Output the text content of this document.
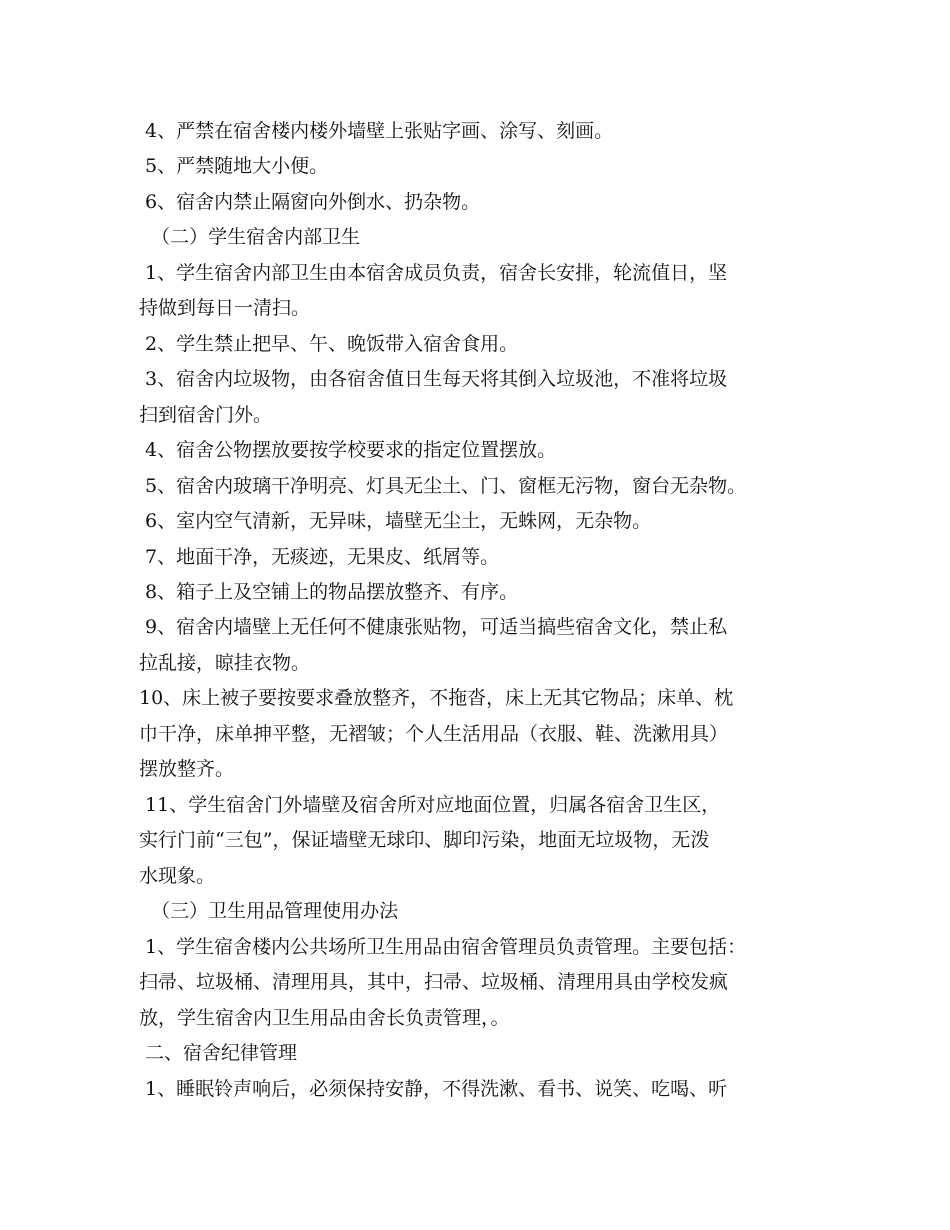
4、严禁在宿舍楼内楼外墙壁上张贴字画、涂写、刻画。
5、严禁随地大小便。
6、宿舍内禁止隔窗向外倒水、扔杂物。
（二）学生宿舍内部卫生
1、学生宿舍内部卫生由本宿舍成员负责，宿舍长安排，轮流值日，坚
持做到每日一清扫。
2、学生禁止把早、午、晚饭带入宿舍食用。
3、宿舍内垃圾物，由各宿舍值日生每天将其倒入垃圾池，不准将垃圾
扫到宿舍门外。
4、宿舍公物摆放要按学校要求的指定位置摆放。
5、宿舍内玻璃干净明亮、灯具无尘土、门、窗框无污物，窗台无杂物。
6、室内空气清新，无异味，墙壁无尘土，无蛛网，无杂物。
7、地面干净，无痰迹，无果皮、纸屑等。
8、箱子上及空铺上的物品摆放整齐、有序。
9、宿舍内墙壁上无任何不健康张贴物，可适当搞些宿舍文化，禁止私
拉乱接，晾挂衣物。
10、床上被子要按要求叠放整齐，不拖沓，床上无其它物品；床单、枕
巾干净，床单抻平整，无褶皱；个人生活用品（衣服、鞋、洗漱用具）
摆放整齐。
11、学生宿舍门外墙壁及宿舍所对应地面位置，归属各宿舍卫生区，
实行门前“三包”，保证墙壁无球印、脚印污染，地面无垃圾物，无泼
水现象。
（三）卫生用品管理使用办法
1、学生宿舍楼内公共场所卫生用品由宿舍管理员负责管理。主要包括：
扫帚、垃圾桶、清理用具，其中，扫帚、垃圾桶、清理用具由学校发疯
放，学生宿舍内卫生用品由舍长负责管理，。
二、宿舍纪律管理
1、睡眠铃声响后，必须保持安静，不得洗漱、看书、说笑、吃喝、听
